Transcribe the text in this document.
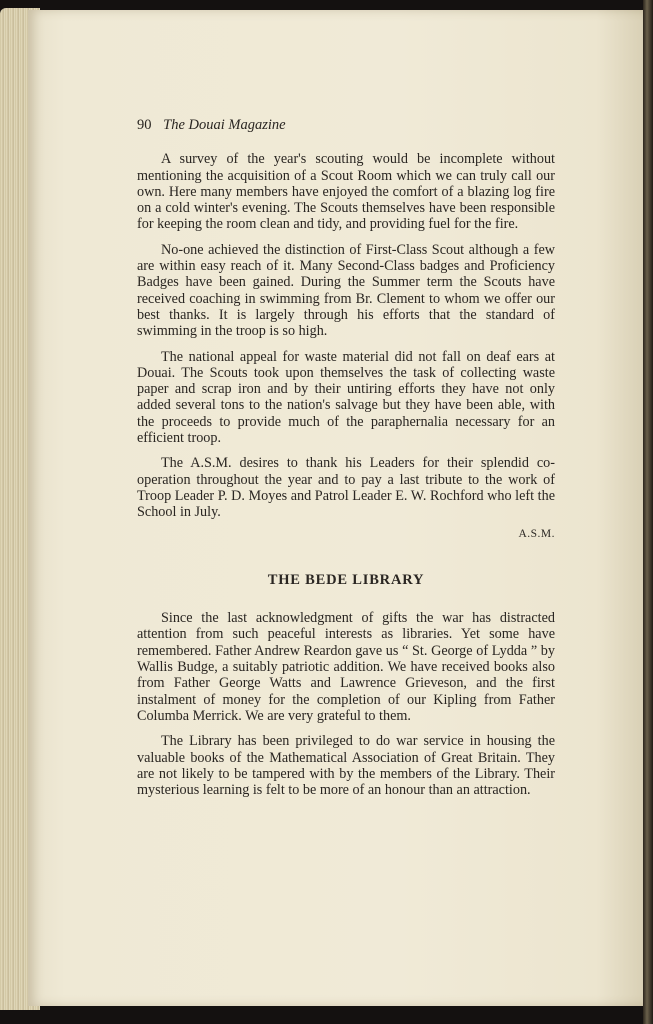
90 The Douai Magazine

A survey of the year's scouting would be incomplete without mentioning the acquisition of a Scout Room which we can truly call our own. Here many members have enjoyed the comfort of a blazing log fire on a cold winter's evening. The Scouts themselves have been responsible for keeping the room clean and tidy, and providing fuel for the fire.

No-one achieved the distinction of First-Class Scout although a few are within easy reach of it. Many Second-Class badges and Proficiency Badges have been gained. During the Summer term the Scouts have received coaching in swimming from Br. Clement to whom we offer our best thanks. It is largely through his efforts that the standard of swimming in the troop is so high.

The national appeal for waste material did not fall on deaf ears at Douai. The Scouts took upon themselves the task of collecting waste paper and scrap iron and by their untiring efforts they have not only added several tons to the nation's salvage but they have been able, with the proceeds to provide much of the paraphernalia necessary for an efficient troop.

The A.S.M. desires to thank his Leaders for their splendid co-operation throughout the year and to pay a last tribute to the work of Troop Leader P. D. Moyes and Patrol Leader E. W. Rochford who left the School in July.

A.S.M.
THE BEDE LIBRARY

Since the last acknowledgment of gifts the war has distracted attention from such peaceful interests as libraries. Yet some have remembered. Father Andrew Reardon gave us “ St. George of Lydda ” by Wallis Budge, a suitably patriotic addition. We have received books also from Father George Watts and Lawrence Grieveson, and the first instalment of money for the completion of our Kipling from Father Columba Merrick. We are very grateful to them.

The Library has been privileged to do war service in housing the valuable books of the Mathematical Association of Great Britain. They are not likely to be tampered with by the members of the Library. Their mysterious learning is felt to be more of an honour than an attraction.
